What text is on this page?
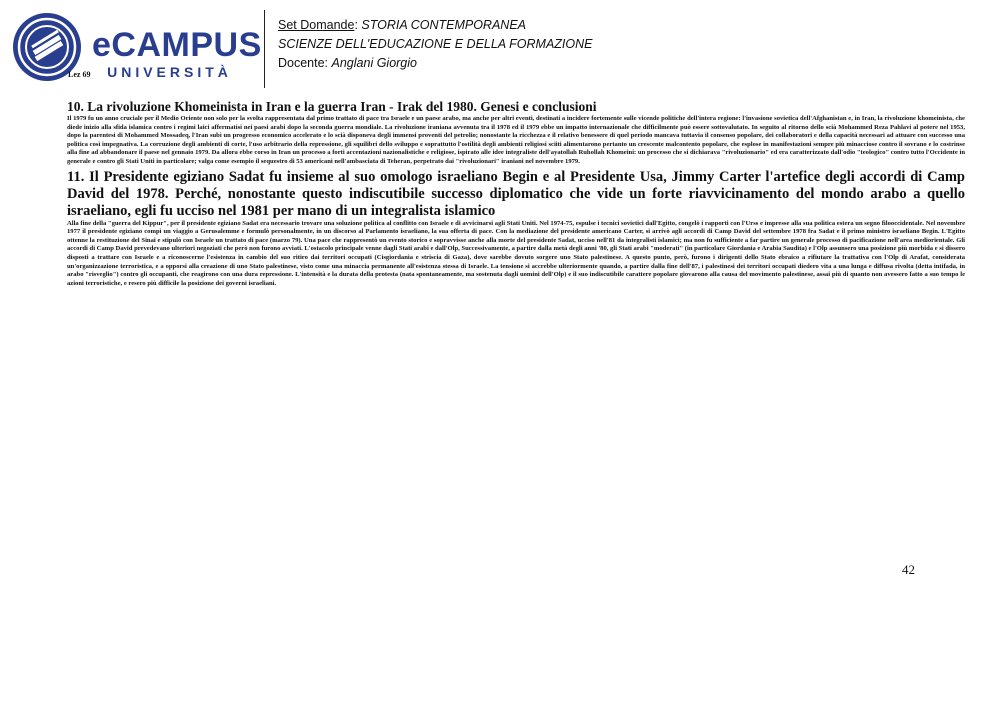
eCAMPUS
UNIVERSITÀ
Lez 69
Set Domande: STORIA CONTEMPORANEA
SCIENZE DELL'EDUCAZIONE E DELLA FORMAZIONE
Docente: Anglani Giorgio
10. La rivoluzione Khomeinista in Iran e la guerra Iran - Irak del 1980. Genesi e conclusioni

Il 1979 fu un anno cruciale per il Medio Oriente non solo per la svolta rappresentata dal primo trattato di pace tra Israele e un paese arabo, ma anche per altri eventi, destinati a incidere fortemente sulle vicende politiche dell'intera regione: l'invasione sovietica dell'Afghanistan e, in Iran, la rivoluzione khomeinista, che diede inizio alla sfida islamica contro i regimi laici affermatisi nei paesi arabi dopo la seconda guerra mondiale. La rivoluzione iraniana avvenuta tra il 1978 ed il 1979 ebbe un impatto internazionale che difficilmente può essere sottovalutato. In seguito al ritorno dello scià Mohammed Reza Pahlavi al potere nel 1953, dopo la parentesi di Mohammed Mossadeq, l'Iran subì un progresso economico accelerato e lo scià disponeva degli immensi proventi del petrolio; nonostante la ricchezza e il relativo benessere di quel periodo mancava tuttavia il consenso popolare, dei collaboratori e della capacità necessari ad attuare con successo una politica così impegnativa. La corruzione degli ambienti di corte, l'uso arbitrario della repressione, gli squilibri dello sviluppo e soprattutto l'ostilità degli ambienti religiosi sciiti alimentarono pertanto un crescente malcontento popolare, che esplose in manifestazioni sempre più minacciose contro il sovrano e lo costrinse alla fine ad abbandonare il paese nel gennaio 1979. Da allora ebbe corso in Iran un processo a forti accentazioni nazionalistiche e religiose, ispirato alle idee integraliste dell'ayatollah Ruhollah Khomeini: un processo che si dichiarava "rivoluzionario" ed era caratterizzato dall'odio "teologico" contro tutto l'Occidente in generale e contro gli Stati Uniti in particolare; valga come esempio il sequestro di 53 americani nell'ambasciata di Teheran, perpetrato dai "rivoluzionari" iraniani nel novembre 1979.

11. Il Presidente egiziano Sadat fu insieme al suo omologo israeliano Begin e al Presidente Usa, Jimmy Carter l'artefice degli accordi di Camp David del 1978. Perché, nonostante questo indiscutibile successo diplomatico che vide un forte riavvicinamento del mondo arabo a quello israeliano, egli fu ucciso nel 1981 per mano di un integralista islamico

Alla fine della "guerra del Kippur", per il presidente egiziano Sadat era necessario trovare una soluzione politica al conflitto con Israele e di avvicinarsi agli Stati Uniti. Nel 1974-75, espulse i tecnici sovietici dall'Egitto, congelò i rapporti con l'Urss e impresse alla sua politica estera un segno filooccidentale. Nel novembre 1977 il presidente egiziano compì un viaggio a Gerusalemme e formulò personalmente, in un discorso al Parlamento israeliano, la sua offerta di pace. Con la mediazione del presidente americano Carter, si arrivò agli accordi di Camp David del settembre 1978 fra Sadat e il primo ministro israeliano Begin. L'Egitto ottenne la restituzione del Sinai e stipulò con Israele un trattato di pace (marzo 79). Una pace che rappresentò un evento storico e sopravvisse anche alla morte del presidente Sadat, ucciso nell'81 da integralisti islamici; ma non fu sufficiente a far partire un generale processo di pacificazione nell'area mediorientale. Gli accordi di Camp David prevedevano ulteriori negoziati che però non furono avviati. L'ostacolo principale venne dagli Stati arabi e dall'Olp, Successivamente, a partire dalla metà degli anni '80, gli Stati arabi "moderati" (in particolare Giordania e Arabia Saudita) e l'Olp assunsero una posizione più morbida e si dissero disposti a trattare con Israele e a riconoscerne l'esistenza in cambio del suo ritiro dai territori occupati (Cisgiordania e striscia di Gaza), dove sarebbe dovuto sorgere uno Stato palestinese. A questo punto, però, furono i dirigenti dello Stato ebraico a rifiutare la trattativa con l'Olp di Arafat, considerata un'organizzazione terroristica, e a opporsi alla creazione di uno Stato palestinese, visto come una minaccia permanente all'esistenza stessa di Israele. La tensione si accrebbe ulteriormente quando, a partire dalla fine dell'87, i palestinesi dei territori occupati diedero vita a una lunga e diffusa rivolta (detta intifada, in arabo "risveglio") contro gli occupanti, che reagirono con una dura repressione. L'intensità e la durata della protesta (nata spontaneamente, ma sostenuta dagli uomini dell'Olp) e il suo indiscutibile carattere popolare giovarono alla causa del movimento palestinese, assai più di quanto non avessero fatto a suo tempo le azioni terroristiche, e resero più difficile la posizione dei governi israeliani.

42
